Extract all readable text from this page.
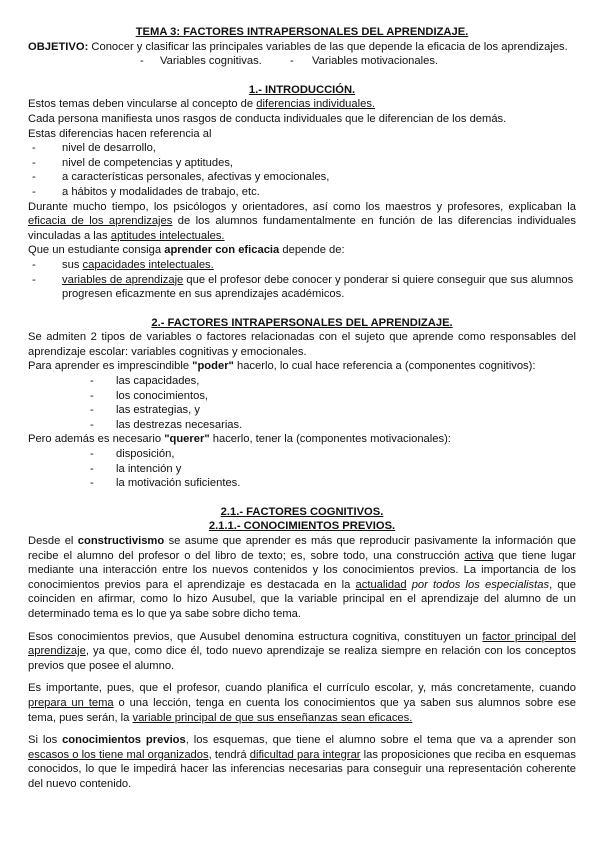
TEMA 3: FACTORES INTRAPERSONALES DEL APRENDIZAJE.

OBJETIVO: Conocer y clasificar las principales variables de las que depende la eficacia de los aprendizajes.

- Variables cognitivas.	- Variables motivacionales.

1.- INTRODUCCIÓN.

Estos temas deben vincularse al concepto de diferencias individuales.

Cada persona manifiesta unos rasgos de conducta individuales que le diferencian de los demás.

Estas diferencias hacen referencia al

-	nivel de desarrollo,
-	nivel de competencias y aptitudes,
-	a características personales, afectivas y emocionales,
-	a hábitos y modalidades de trabajo, etc.

Durante mucho tiempo, los psicólogos y orientadores, así como los maestros y profesores, explicaban la eficacia de los aprendizajes de los alumnos fundamentalmente en función de las diferencias individuales vinculadas a las aptitudes intelectuales.

Que un estudiante consiga aprender con eficacia depende de:

-	sus capacidades intelectuales.
-	variables de aprendizaje que el profesor debe conocer y ponderar si quiere conseguir que sus alumnos progresen eficazmente en sus aprendizajes académicos.

2.- FACTORES INTRAPERSONALES DEL APRENDIZAJE.

Se admiten 2 tipos de variables o factores relacionadas con el sujeto que aprende como responsables del aprendizaje escolar: variables cognitivas y emocionales.

Para aprender es imprescindible "poder" hacerlo, lo cual hace referencia a (componentes cognitivos):

-	las capacidades,
-	los conocimientos,
-	las estrategias, y
-	las destrezas necesarias.

Pero además es necesario "querer" hacerlo, tener la (componentes motivacionales):

-	disposición,
-	la intención y
-	la motivación suficientes.

2.1.- FACTORES COGNITIVOS.

2.1.1.- CONOCIMIENTOS PREVIOS.

Desde el constructivismo se asume que aprender es más que reproducir pasivamente la información que recibe el alumno del profesor o del libro de texto; es, sobre todo, una construcción activa que tiene lugar mediante una interacción entre los nuevos contenidos y los conocimientos previos. La importancia de los conocimientos previos para el aprendizaje es destacada en la actualidad por todos los especialistas, que coinciden en afirmar, como lo hizo Ausubel, que la variable principal en el aprendizaje del alumno de un determinado tema es lo que ya sabe sobre dicho tema.

Esos conocimientos previos, que Ausubel denomina estructura cognitiva, constituyen un factor principal del aprendizaje, ya que, como dice él, todo nuevo aprendizaje se realiza siempre en relación con los conceptos previos que posee el alumno.

Es importante, pues, que el profesor, cuando planifica el currículo escolar, y, más concretamente, cuando prepara un tema o una lección, tenga en cuenta los conocimientos que ya saben sus alumnos sobre ese tema, pues serán, la variable principal de que sus enseñanzas sean eficaces.

Si los conocimientos previos, los esquemas, que tiene el alumno sobre el tema que va a aprender son escasos o los tiene mal organizados, tendrá dificultad para integrar las proposiciones que reciba en esquemas conocidos, lo que le impedirá hacer las inferencias necesarias para conseguir una representación coherente del nuevo contenido.
